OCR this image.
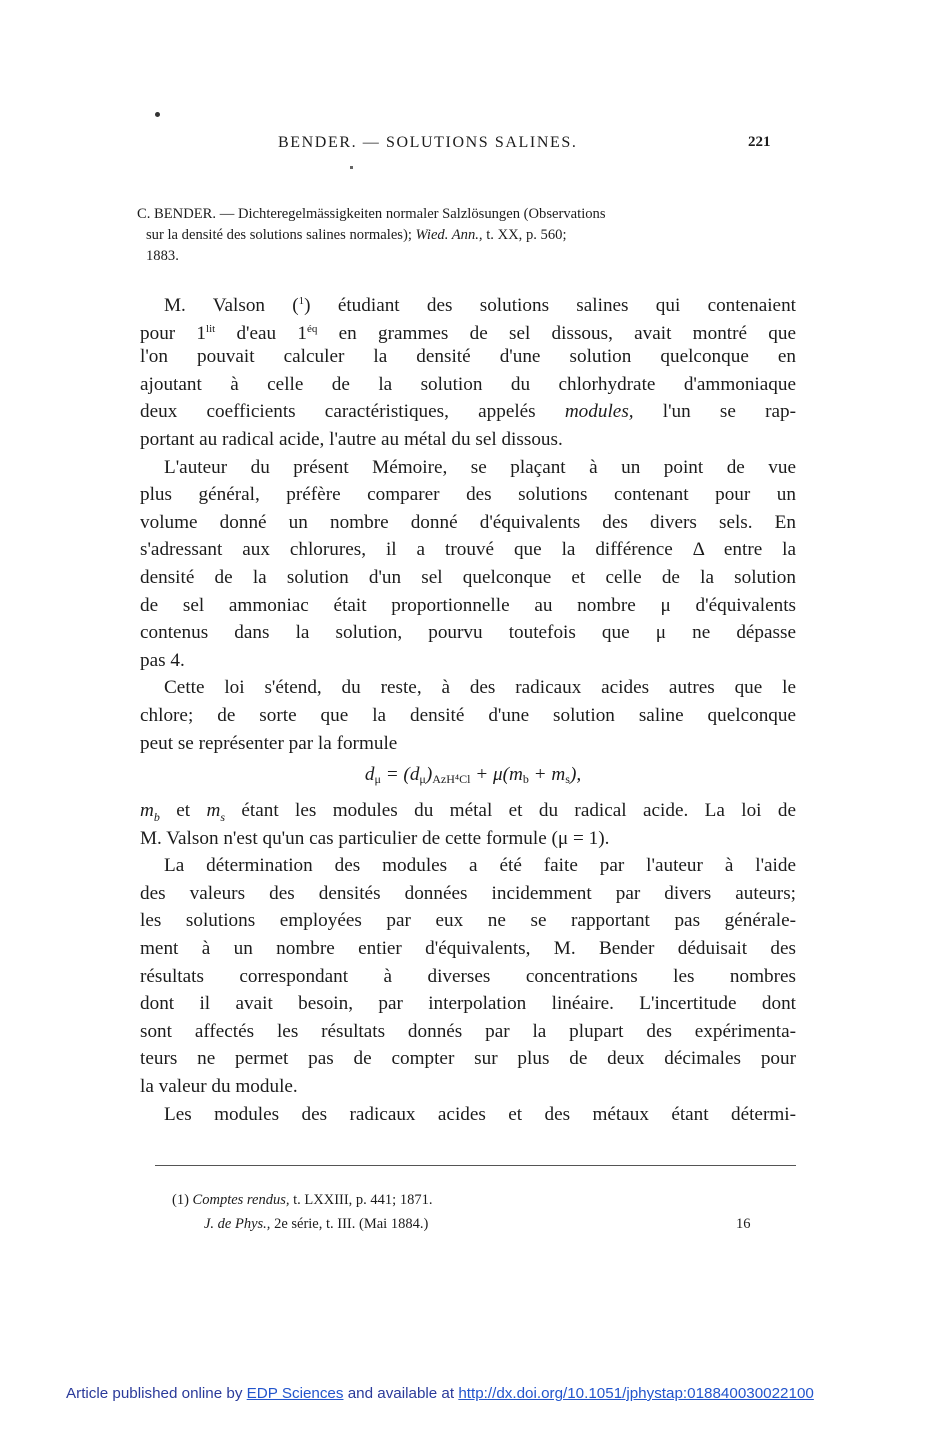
BENDER. — SOLUTIONS SALINES.	221
C. BENDER. — Dichteregelmässigkeiten normaler Salzlösungen (Observations
sur la densité des solutions salines normales); Wied. Ann., t. XX, p. 560;
1883.
M. Valson ($^1$) étudiant des solutions salines qui contenaient
pour $1^{lit}$ d'eau $1^{éq}$ en grammes de sel dissous, avait montré que
l'on pouvait calculer la densité d'une solution quelconque en
ajoutant à celle de la solution du chlorhydrate d'ammoniaque
deux coefficients caractéristiques, appelés modules, l'un se rap-
portant au radical acide, l'autre au métal du sel dissous.
L'auteur du présent Mémoire, se plaçant à un point de vue
plus général, préfère comparer des solutions contenant pour un
volume donné un nombre donné d'équivalents des divers sels. En
s'adressant aux chlorures, il a trouvé que la différence Δ entre la
densité de la solution d'un sel quelconque et celle de la solution
de sel ammoniac était proportionnelle au nombre μ d'équivalents
contenus dans la solution, pourvu toutefois que μ ne dépasse
pas 4.
Cette loi s'étend, du reste, à des radicaux acides autres que le
chlore; de sorte que la densité d'une solution saline quelconque
peut se représenter par la formule
$d_\mu = (d_\mu)_{AzH^4Cl} + \mu(m_b + m_s)$,
$m_b$ et $m_s$ étant les modules du métal et du radical acide. La loi de
M. Valson n'est qu'un cas particulier de cette formule (μ = 1).
La détermination des modules a été faite par l'auteur à l'aide
des valeurs des densités données incidemment par divers auteurs;
les solutions employées par eux ne se rapportant pas générale-
ment à un nombre entier d'équivalents, M. Bender déduisait des
résultats correspondant à diverses concentrations les nombres
dont il avait besoin, par interpolation linéaire. L'incertitude dont
sont affectés les résultats donnés par la plupart des expérimenta-
teurs ne permet pas de compter sur plus de deux décimales pour
la valeur du module.
Les modules des radicaux acides et des métaux étant détermi-
(1) Comptes rendus, t. LXXIII, p. 441; 1871.
J. de Phys., 2e série, t. III. (Mai 1884.)	16
Article published online by EDP Sciences and available at http://dx.doi.org/10.1051/jphystap:018840030022100
